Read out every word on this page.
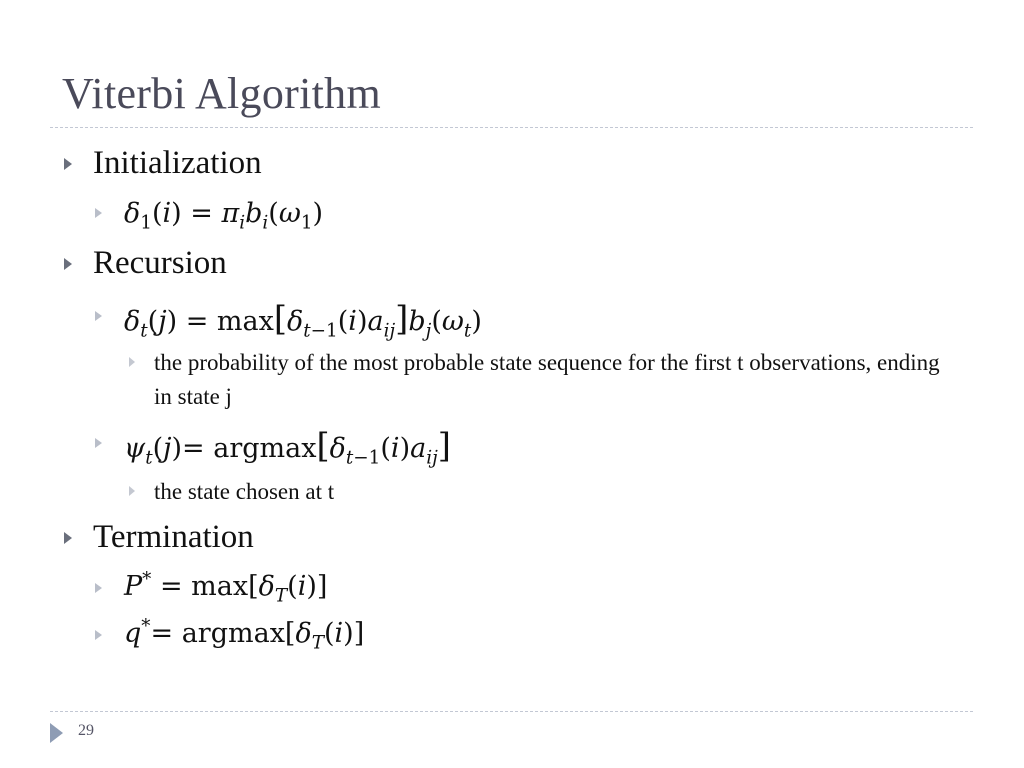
Viterbi Algorithm
Initialization
$\delta_1(i) = \pi_ib_i(\omega_1)$
Recursion
$\delta_t(j) = \max[\delta_{t-1}(i)a_{ij}]b_j(\omega_t)$
the probability of the most probable state sequence for the first t observations, ending in state j
$\psi_t(j)= argmax[\delta_{t-1}(i)a_{ij}]$
the state chosen at t
Termination
$P^* = \max[\delta_T(i)]$
$q^*= argmax[\delta_T(i)]$
29
